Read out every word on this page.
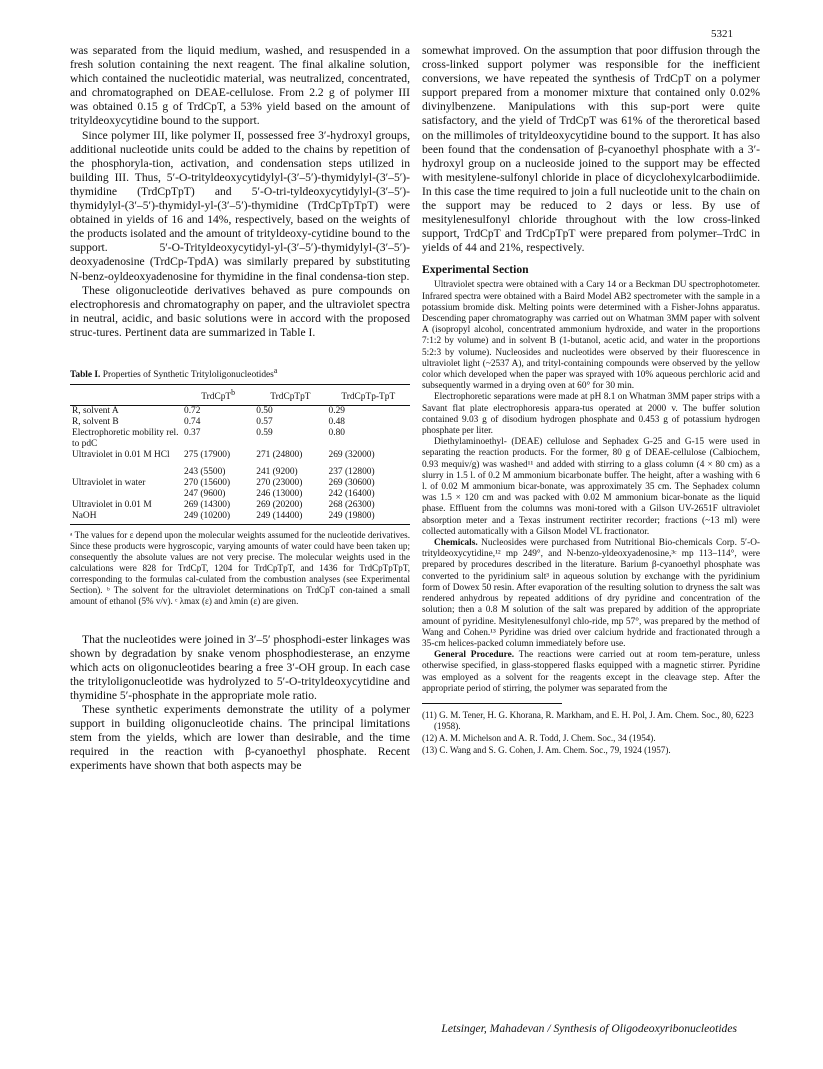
5321

was separated from the liquid medium, washed, and resuspended in a fresh solution containing the next reagent. The final alkaline solution, which contained the nucleotidic material, was neutralized, concentrated, and chromatographed on DEAE-cellulose. From 2.2 g of polymer III was obtained 0.15 g of TrdCpT, a 53% yield based on the amount of trityldeoxycytidine bound to the support.

Since polymer III, like polymer II, possessed free 3′-hydroxyl groups, additional nucleotide units could be added to the chains by repetition of the phosphoryla-tion, activation, and condensation steps utilized in building III. Thus, 5′-O-trityldeoxycytidylyl-(3′–5′)-thymidylyl-(3′–5′)-thymidine (TrdCpTpT) and 5′-O-tri-tyldeoxycytidylyl-(3′–5′)-thymidylyl-(3′–5′)-thymidyl-yl-(3′–5′)-thymidine (TrdCpTpTpT) were obtained in yields of 16 and 14%, respectively, based on the weights of the products isolated and the amount of trityldeoxy-cytidine bound to the support. 5′-O-Trityldeoxycytidyl-yl-(3′–5′)-thymidylyl-(3′–5′)-deoxyadenosine (TrdCp-TpdA) was similarly prepared by substituting N-benz-oyldeoxyadenosine for thymidine in the final condensa-tion step.

These oligonucleotide derivatives behaved as pure compounds on electrophoresis and chromatography on paper, and the ultraviolet spectra in neutral, acidic, and basic solutions were in accord with the proposed struc-tures. Pertinent data are summarized in Table I.

Table I. Properties of Synthetic Trityloligonucleotides$^a$
	TrdCpT$^b$	TrdCpTpT	TrdCpTp-TpT
R, solvent A	0.72	0.50	0.29
R, solvent B	0.74	0.57	0.48
Electrophoretic mobility rel. to pdC	0.37	0.59	0.80
Ultraviolet in 0.01 M HCl	275 (17900)	271 (24800)	269 (32000)
	243 (5500)	241 (9200)	237 (12800)
Ultraviolet in water	270 (15600)	270 (23000)	269 (30600)
	247 (9600)	246 (13000)	242 (16400)
Ultraviolet in 0.01 M	269 (14300)	269 (20200)	268 (26300)
NaOH	249 (10200)	249 (14400)	249 (19800)

ᵃ The values for ε depend upon the molecular weights assumed for the nucleotide derivatives. Since these products were hygroscopic, varying amounts of water could have been taken up; consequently the absolute values are not very precise. The molecular weights used in the calculations were 828 for TrdCpT, 1204 for TrdCpTpT, and 1436 for TrdCpTpTpT, corresponding to the formulas cal-culated from the combustion analyses (see Experimental Section). ᵇ The solvent for the ultraviolet determinations on TrdCpT con-tained a small amount of ethanol (5% v/v). ᶜ λmax (ε) and λmin (ε) are given.

That the nucleotides were joined in 3′–5′ phosphodi-ester linkages was shown by degradation by snake venom phosphodiesterase, an enzyme which acts on oligonucleotides bearing a free 3′-OH group. In each case the trityloligonucleotide was hydrolyzed to 5′-O-trityldeoxycytidine and thymidine 5′-phosphate in the appropriate mole ratio.

These synthetic experiments demonstrate the utility of a polymer support in building oligonucleotide chains. The principal limitations stem from the yields, which are lower than desirable, and the time required in the reaction with β-cyanoethyl phosphate. Recent experiments have shown that both aspects may be

somewhat improved. On the assumption that poor diffusion through the cross-linked support polymer was responsible for the inefficient conversions, we have repeated the synthesis of TrdCpT on a polymer support prepared from a monomer mixture that contained only 0.02% divinylbenzene. Manipulations with this sup-port were quite satisfactory, and the yield of TrdCpT was 61% of the theroretical based on the millimoles of trityldeoxycytidine bound to the support. It has also been found that the condensation of β-cyanoethyl phosphate with a 3′-hydroxyl group on a nucleoside joined to the support may be effected with mesitylene-sulfonyl chloride in place of dicyclohexylcarbodiimide. In this case the time required to join a full nucleotide unit to the chain on the support may be reduced to 2 days or less. By use of mesitylenesulfonyl chloride throughout with the low cross-linked support, TrdCpT and TrdCpTpT were prepared from polymer–TrdC in yields of 44 and 21%, respectively.

Experimental Section

Ultraviolet spectra were obtained with a Cary 14 or a Beckman DU spectrophotometer. Infrared spectra were obtained with a Baird Model AB2 spectrometer with the sample in a potassium bromide disk. Melting points were determined with a Fisher-Johns apparatus. Descending paper chromatography was carried out on Whatman 3MM paper with solvent A (isopropyl alcohol, concentrated ammonium hydroxide, and water in the proportions 7:1:2 by volume) and in solvent B (1-butanol, acetic acid, and water in the proportions 5:2:3 by volume). Nucleosides and nucleotides were observed by their fluorescence in ultraviolet light (~2537 A), and trityl-containing compounds were observed by the yellow color which developed when the paper was sprayed with 10% aqueous perchloric acid and subsequently warmed in a drying oven at 60° for 30 min.

Electrophoretic separations were made at pH 8.1 on Whatman 3MM paper strips with a Savant flat plate electrophoresis appara-tus operated at 2000 v. The buffer solution contained 9.03 g of disodium hydrogen phosphate and 0.453 g of potassium hydrogen phosphate per liter.

Diethylaminoethyl- (DEAE) cellulose and Sephadex G-25 and G-15 were used in separating the reaction products. For the former, 80 g of DEAE-cellulose (Calbiochem, 0.93 mequiv/g) was washed¹¹ and added with stirring to a glass column (4 × 80 cm) as a slurry in 1.5 l. of 0.2 M ammonium bicarbonate buffer. The height, after a washing with 6 l. of 0.02 M ammonium bicar-bonate, was approximately 35 cm. The Sephadex column was 1.5 × 120 cm and was packed with 0.02 M ammonium bicar-bonate as the liquid phase. Effluent from the columns was moni-tored with a Gilson UV-2651F ultraviolet absorption meter and a Texas instrument rectiriter recorder; fractions (~13 ml) were collected automatically with a Gilson Model VL fractionator.

Chemicals. Nucleosides were purchased from Nutritional Bio-chemicals Corp. 5′-O-trityldeoxycytidine,¹² mp 249°, and N-benzo-yldeoxyadenosine,³ᶜ mp 113–114°, were prepared by procedures described in the literature. Barium β-cyanoethyl phosphate was converted to the pyridinium salt³ in aqueous solution by exchange with the pyridinium form of Dowex 50 resin. After evaporation of the resulting solution to dryness the salt was rendered anhydrous by repeated additions of dry pyridine and concentration of the solution; then a 0.8 M solution of the salt was prepared by addition of the appropriate amount of pyridine. Mesitylenesulfonyl chlo-ride, mp 57°, was prepared by the method of Wang and Cohen.¹³ Pyridine was dried over calcium hydride and fractionated through a 35-cm helices-packed column immediately before use.

General Procedure. The reactions were carried out at room tem-perature, unless otherwise specified, in glass-stoppered flasks equipped with a magnetic stirrer. Pyridine was employed as a solvent for the reagents except in the cleavage step. After the appropriate period of stirring, the polymer was separated from the

(11) G. M. Tener, H. G. Khorana, R. Markham, and E. H. Pol, J. Am. Chem. Soc., 80, 6223 (1958).
(12) A. M. Michelson and A. R. Todd, J. Chem. Soc., 34 (1954).
(13) C. Wang and S. G. Cohen, J. Am. Chem. Soc., 79, 1924 (1957).
Letsinger, Mahadevan / Synthesis of Oligodeoxyribonucleotides
